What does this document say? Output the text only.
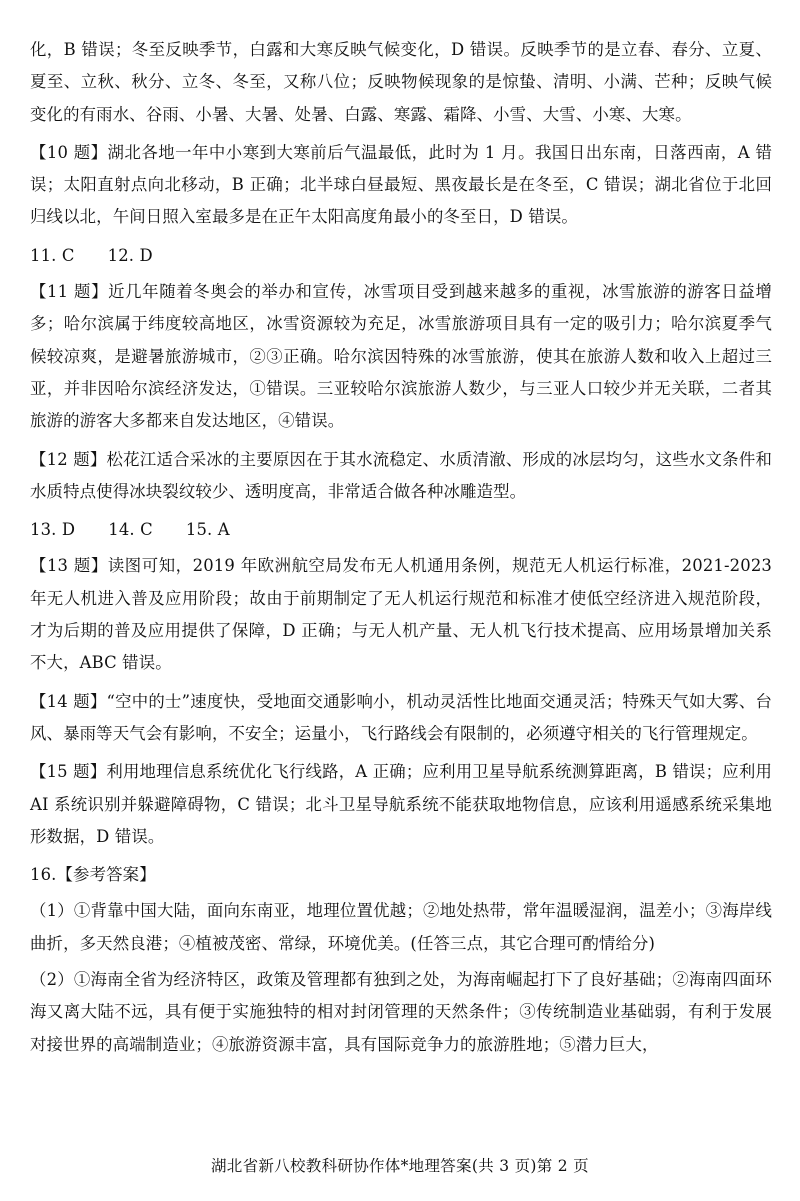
化，B 错误；冬至反映季节，白露和大寒反映气候变化，D 错误。反映季节的是立春、春分、立夏、夏至、立秋、秋分、立冬、冬至，又称八位；反映物候现象的是惊蛰、清明、小满、芒种；反映气候变化的有雨水、谷雨、小暑、大暑、处暑、白露、寒露、霜降、小雪、大雪、小寒、大寒。

【10 题】湖北各地一年中小寒到大寒前后气温最低，此时为 1 月。我国日出东南，日落西南，A 错误；太阳直射点向北移动，B 正确；北半球白昼最短、黑夜最长是在冬至，C 错误；湖北省位于北回归线以北，午间日照入室最多是在正午太阳高度角最小的冬至日，D 错误。

11. C　　12. D

【11 题】近几年随着冬奥会的举办和宣传，冰雪项目受到越来越多的重视，冰雪旅游的游客日益增多；哈尔滨属于纬度较高地区，冰雪资源较为充足，冰雪旅游项目具有一定的吸引力；哈尔滨夏季气候较凉爽，是避暑旅游城市，②③正确。哈尔滨因特殊的冰雪旅游，使其在旅游人数和收入上超过三亚，并非因哈尔滨经济发达，①错误。三亚较哈尔滨旅游人数少，与三亚人口较少并无关联，二者其旅游的游客大多都来自发达地区，④错误。

【12 题】松花江适合采冰的主要原因在于其水流稳定、水质清澈、形成的冰层均匀，这些水文条件和水质特点使得冰块裂纹较少、透明度高，非常适合做各种冰雕造型。

13. D　　14. C　　15. A

【13 题】读图可知，2019 年欧洲航空局发布无人机通用条例，规范无人机运行标准，2021-2023 年无人机进入普及应用阶段；故由于前期制定了无人机运行规范和标准才使低空经济进入规范阶段，才为后期的普及应用提供了保障，D 正确；与无人机产量、无人机飞行技术提高、应用场景增加关系不大，ABC 错误。

【14 题】“空中的士”速度快，受地面交通影响小，机动灵活性比地面交通灵活；特殊天气如大雾、台风、暴雨等天气会有影响，不安全；运量小，飞行路线会有限制的，必须遵守相关的飞行管理规定。

【15 题】利用地理信息系统优化飞行线路，A 正确；应利用卫星导航系统测算距离，B 错误；应利用 AI 系统识别并躲避障碍物，C 错误；北斗卫星导航系统不能获取地物信息，应该利用遥感系统采集地形数据，D 错误。

16.【参考答案】

（1）①背靠中国大陆，面向东南亚，地理位置优越；②地处热带，常年温暖湿润，温差小；③海岸线曲折，多天然良港；④植被茂密、常绿，环境优美。(任答三点，其它合理可酌情给分)

（2）①海南全省为经济特区，政策及管理都有独到之处，为海南崛起打下了良好基础；②海南四面环海又离大陆不远，具有便于实施独特的相对封闭管理的天然条件；③传统制造业基础弱，有利于发展对接世界的高端制造业；④旅游资源丰富，具有国际竞争力的旅游胜地；⑤潜力巨大，

湖北省新八校教科研协作体*地理答案(共 3 页)第 2 页
